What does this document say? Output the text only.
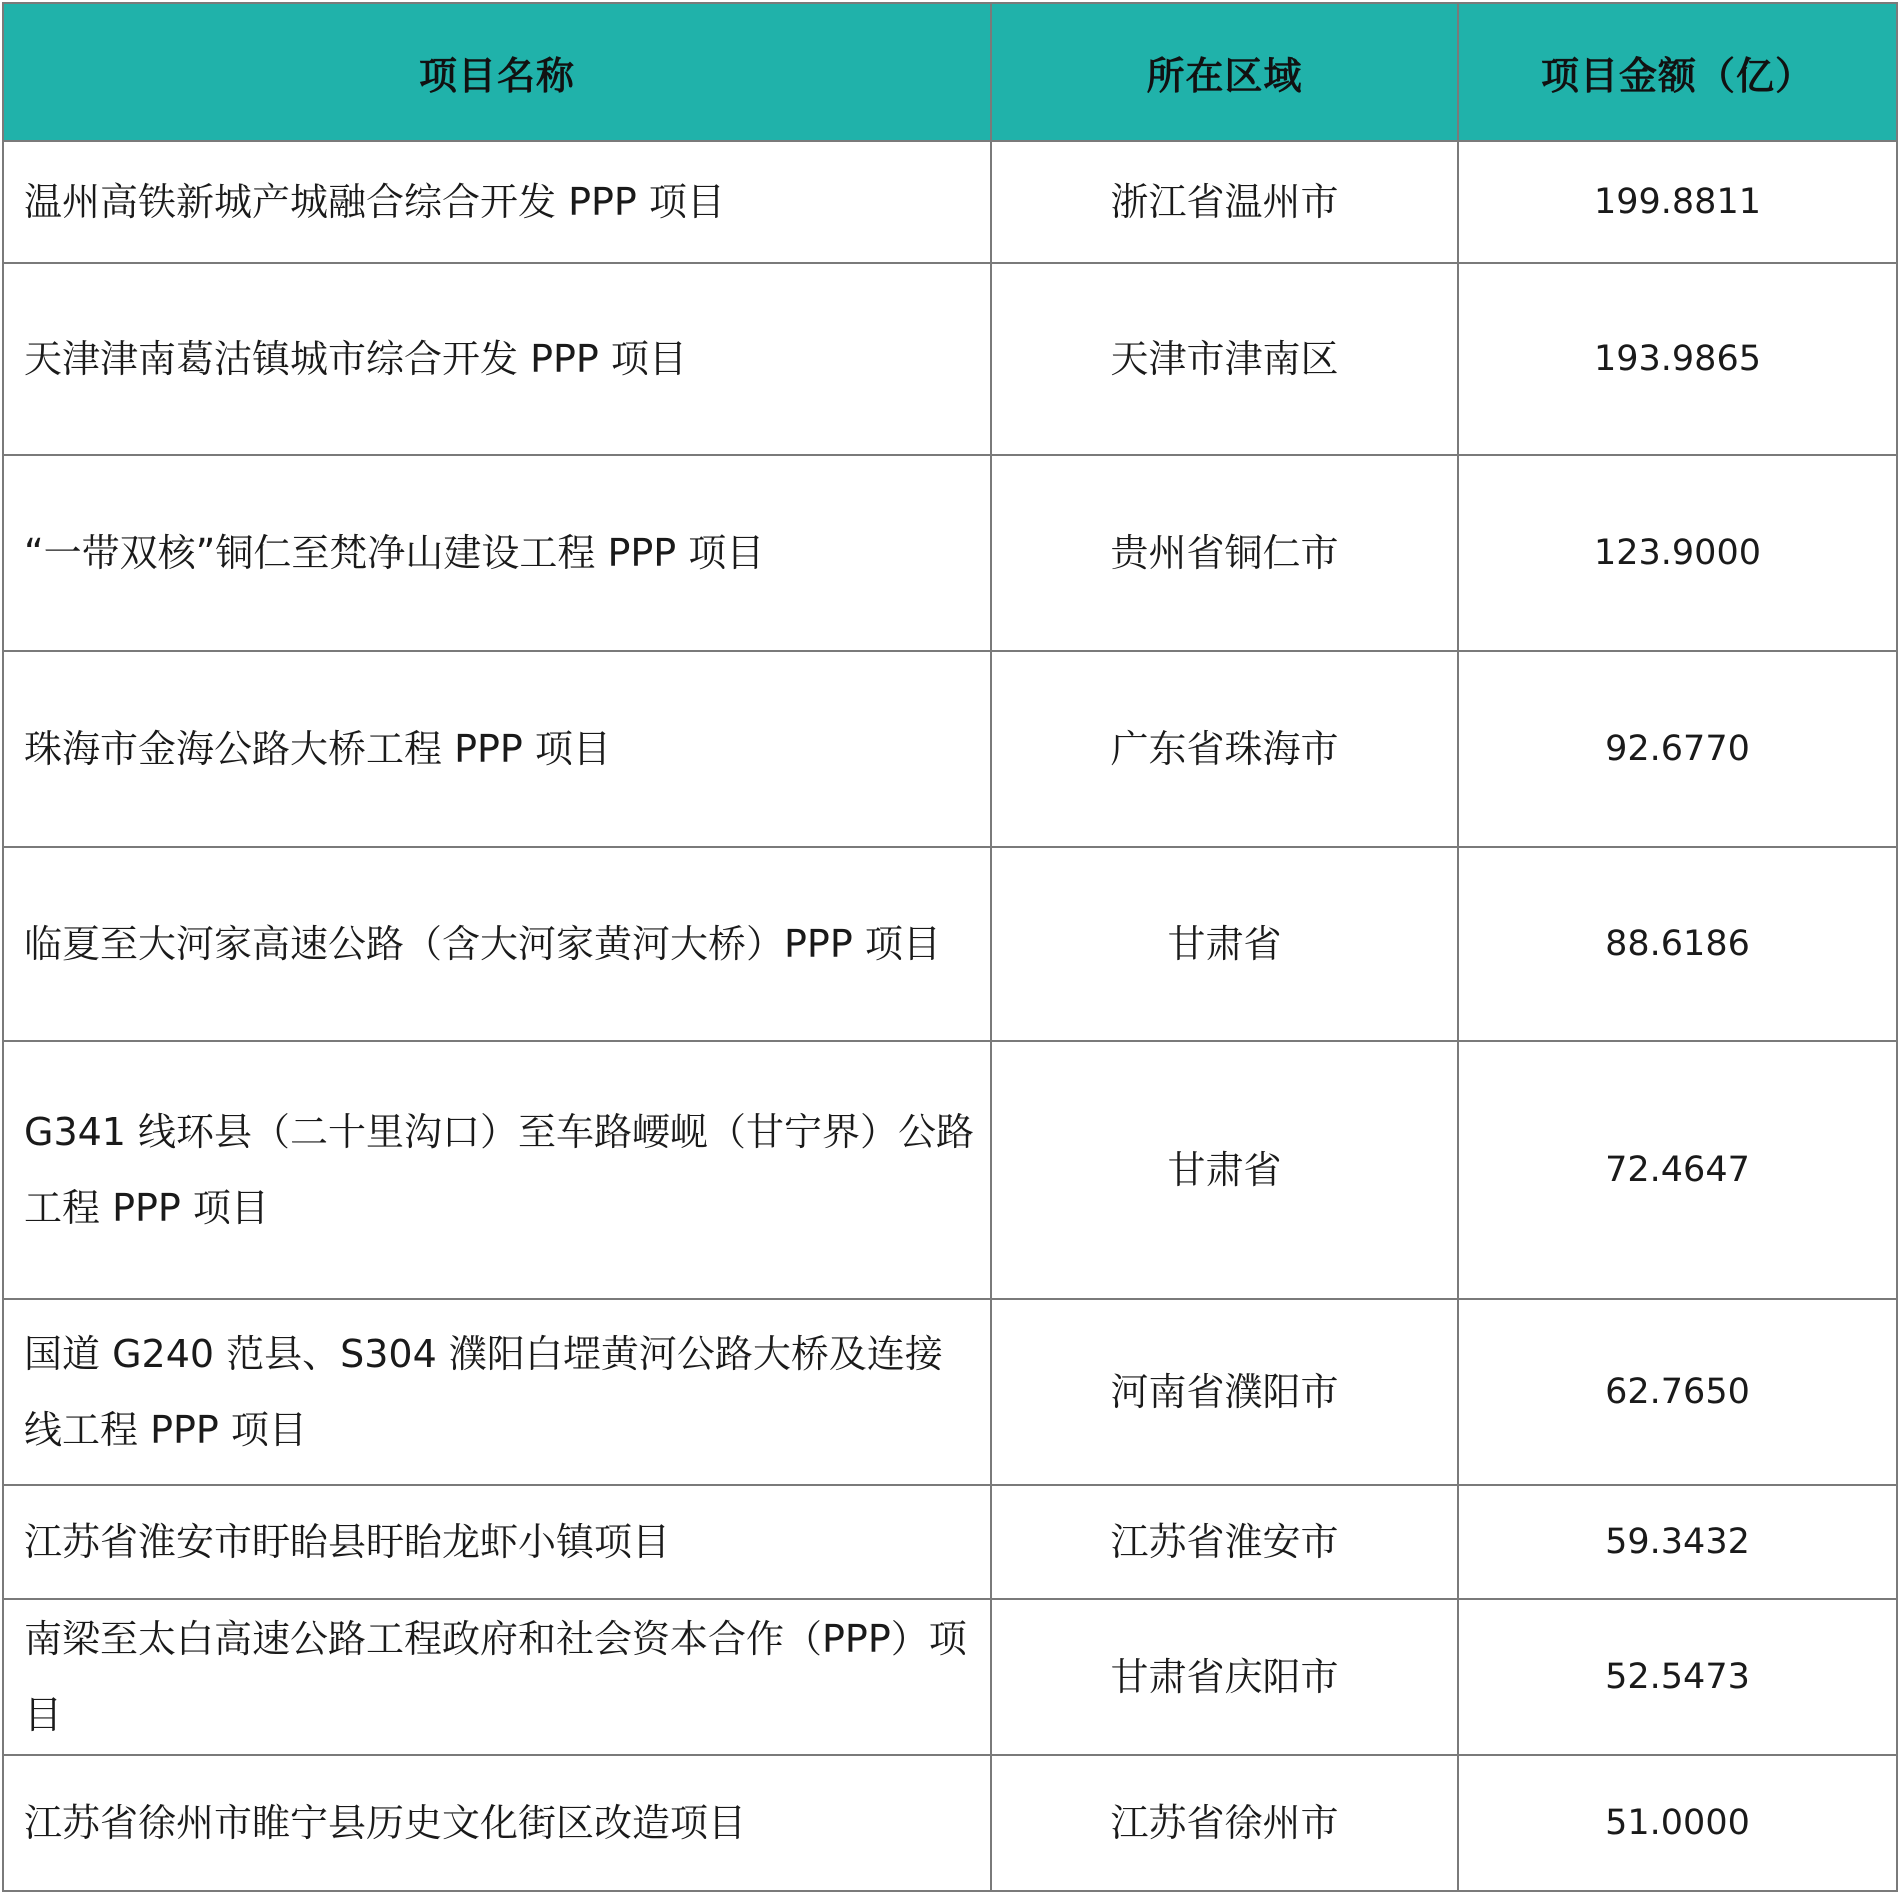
项目名称	所在区域	项目金额（亿）
温州高铁新城产城融合综合开发 PPP 项目	浙江省温州市	199.8811
天津津南葛沽镇城市综合开发 PPP 项目	天津市津南区	193.9865
“一带双核”铜仁至梵净山建设工程 PPP 项目	贵州省铜仁市	123.9000
珠海市金海公路大桥工程 PPP 项目	广东省珠海市	92.6770
临夏至大河家高速公路（含大河家黄河大桥）PPP 项目	甘肃省	88.6186
G341 线环县（二十里沟口）至车路崾岘（甘宁界）公路工程 PPP 项目	甘肃省	72.4647
国道 G240 范县、S304 濮阳白堽黄河公路大桥及连接线工程 PPP 项目	河南省濮阳市	62.7650
江苏省淮安市盱眙县盱眙龙虾小镇项目	江苏省淮安市	59.3432
南梁至太白高速公路工程政府和社会资本合作（PPP）项目	甘肃省庆阳市	52.5473
江苏省徐州市睢宁县历史文化街区改造项目	江苏省徐州市	51.0000
